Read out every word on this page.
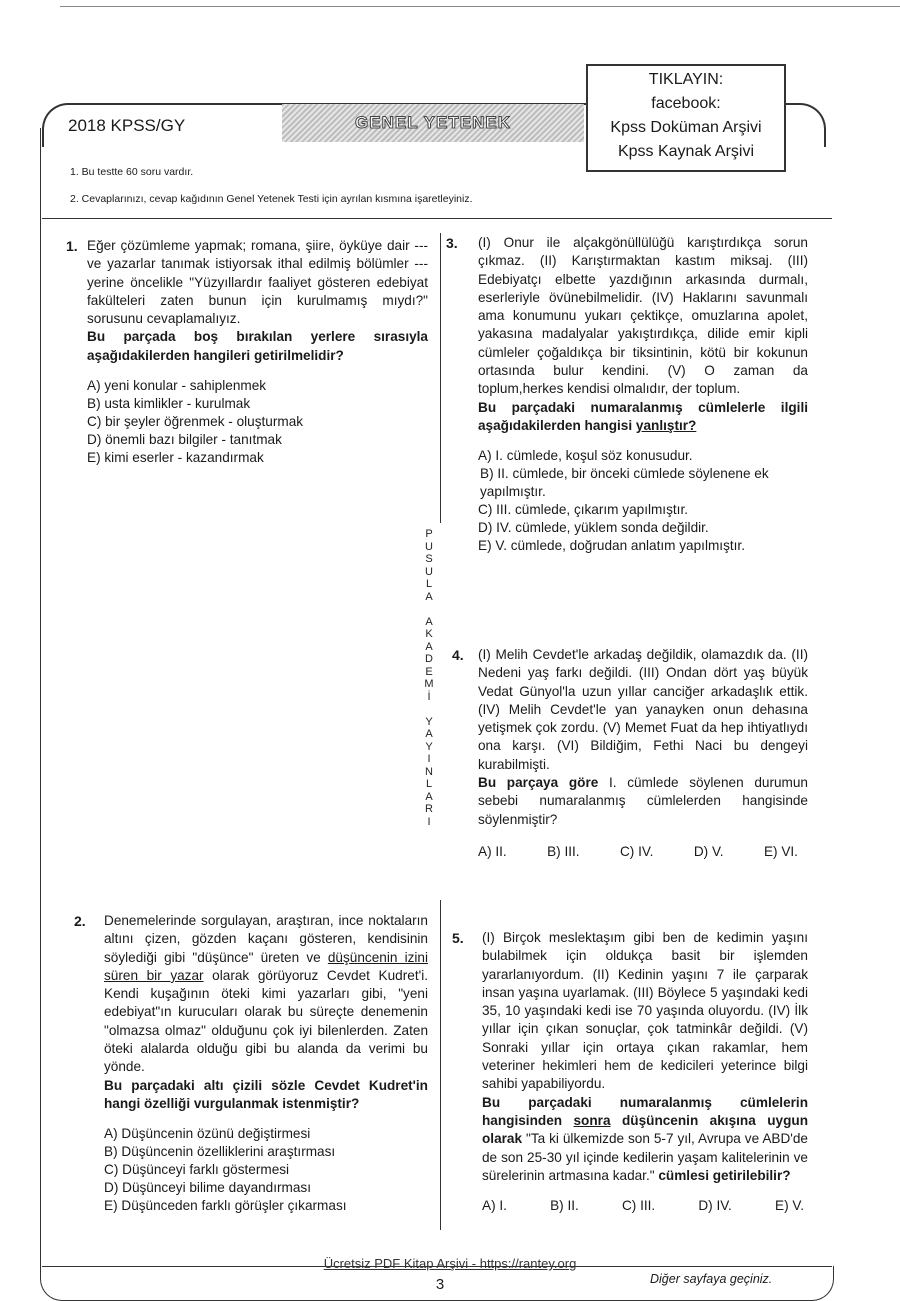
2018 KPSS/GY	GENEL YETENEK
TIKLAYIN:
facebook:
Kpss Doküman Arşivi
Kpss Kaynak Arşivi
1. Bu testte 60 soru vardır.
2. Cevaplarınızı, cevap kağıdının Genel Yetenek Testi için ayrılan kısmına işaretleyiniz.
P
U
S
U
L
A

A
K
A
D
E
M
İ

Y
A
Y
I
N
L
A
R
I
1. Eğer çözümleme yapmak; romana, şiire, öyküye dair --- ve yazarlar tanımak istiyorsak ithal edilmiş bölümler --- yerine öncelikle "Yüzyıllardır faaliyet gösteren edebiyat fakülteleri zaten bunun için kurulmamış mıydı?" sorusunu cevaplamalıyız.
Bu parçada boş bırakılan yerlere sırasıyla aşağıdakilerden hangileri getirilmelidir?
A) yeni konular - sahiplenmek
B) usta kimlikler - kurulmak
C) bir şeyler öğrenmek - oluşturmak
D) önemli bazı bilgiler - tanıtmak
E) kimi eserler - kazandırmak
2. Denemelerinde sorgulayan, araştıran, ince noktaların altını çizen, gözden kaçanı gösteren, kendisinin söylediği gibi "düşünce" üreten ve düşüncenin izini süren bir yazar olarak görüyoruz Cevdet Kudret'i. Kendi kuşağının öteki kimi yazarları gibi, "yeni edebiyat"ın kurucuları olarak bu süreçte denemenin "olmazsa olmaz" olduğunu çok iyi bilenlerden. Zaten öteki alalarda olduğu gibi bu alanda da verimi bu yönde.
Bu parçadaki altı çizili sözle Cevdet Kudret'in hangi özelliği vurgulanmak istenmiştir?
A) Düşüncenin özünü değiştirmesi
B) Düşüncenin özelliklerini araştırması
C) Düşünceyi farklı göstermesi
D) Düşünceyi bilime dayandırması
E) Düşünceden farklı görüşler çıkarması
3. (I) Onur ile alçakgönüllülüğü karıştırdıkça sorun çıkmaz. (II) Karıştırmaktan kastım miksaj. (III) Edebiyatçı elbette yazdığının arkasında durmalı, eserleriyle övünebilmelidir. (IV) Haklarını savunmalı ama konumunu yukarı çektikçe, omuzlarına apolet, yakasına madalyalar yakıştırdıkça, dilide emir kipli cümleler çoğaldıkça bir tiksintinin, kötü bir kokunun ortasında bulur kendini. (V) O zaman da toplum,herkes kendisi olmalıdır, der toplum.
Bu parçadaki numaralanmış cümlelerle ilgili aşağıdakilerden hangisi yanlıştır?
A) I. cümlede, koşul söz konusudur.
B) II. cümlede, bir önceki cümlede söylenene ek yapılmıştır.
C) III. cümlede, çıkarım yapılmıştır.
D) IV. cümlede, yüklem sonda değildir.
E) V. cümlede, doğrudan anlatım yapılmıştır.
4. (I) Melih Cevdet'le arkadaş değildik, olamazdık da. (II) Nedeni yaş farkı değildi. (III) Ondan dört yaş büyük Vedat Günyol'la uzun yıllar canciğer arkadaşlık ettik. (IV) Melih Cevdet'le yan yanayken onun dehasına yetişmek çok zordu. (V) Memet Fuat da hep ihtiyatlıydı ona karşı. (VI) Bildiğim, Fethi Naci bu dengeyi kurabilmişti.
Bu parçaya göre I. cümlede söylenen durumun sebebi numaralanmış cümlelerden hangisinde söylenmiştir?
A) II.	B) III.	C) IV.	D) V.	E) VI.
5. (I) Birçok meslektaşım gibi ben de kedimin yaşını bulabilmek için oldukça basit bir işlemden yararlanıyordum. (II) Kedinin yaşını 7 ile çarparak insan yaşına uyarlamak. (III) Böylece 5 yaşındaki kedi 35, 10 yaşındaki kedi ise 70 yaşında oluyordu. (IV) İlk yıllar için çıkan sonuçlar, çok tatminkâr değildi. (V) Sonraki yıllar için ortaya çıkan rakamlar, hem veteriner hekimleri hem de kedicileri yeterince bilgi sahibi yapabiliyordu.
Bu parçadaki numaralanmış cümlelerin hangisinden sonra düşüncenin akışına uygun olarak "Ta ki ülkemizde son 5-7 yıl, Avrupa ve ABD'de de son 25-30 yıl içinde kedilerin yaşam kalitelerinin ve sürelerinin artmasına kadar." cümlesi getirilebilir?
A) I.	B) II.	C) III.	D) IV.	E) V.
Ücretsiz PDF Kitap Arşivi - https://rantey.org
3	Diğer sayfaya geçiniz.
